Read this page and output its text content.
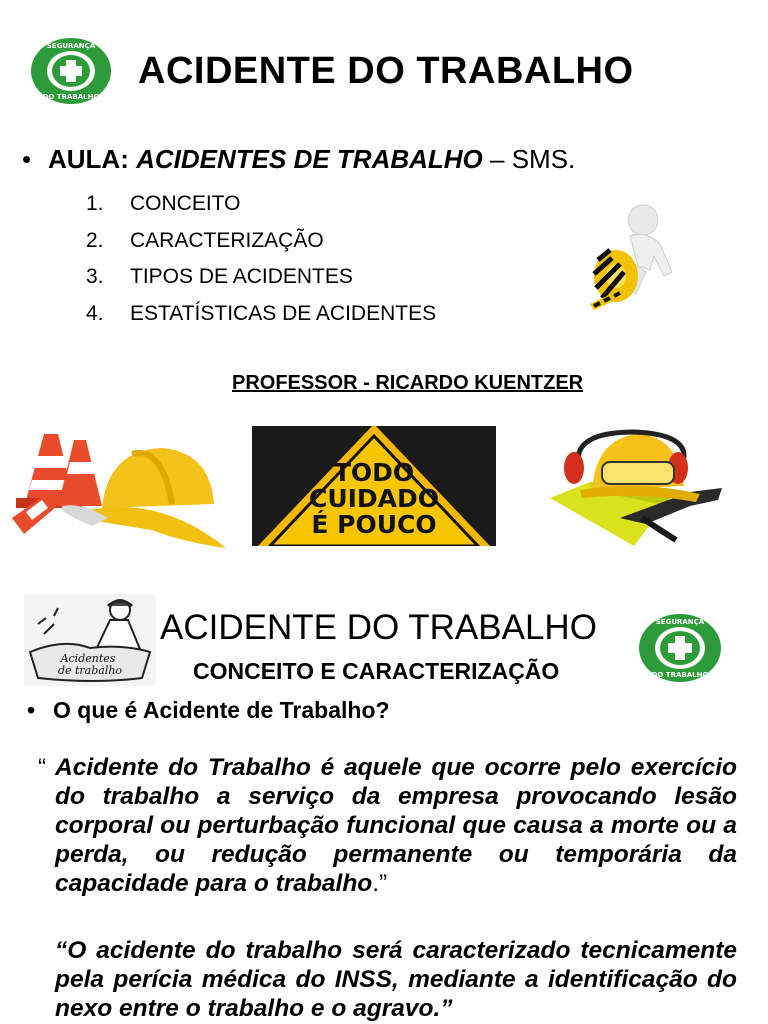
SEGURANÇA
DO TRABALHO
ACIDENTE DO TRABALHO
• AULA: ACIDENTES DE TRABALHO – SMS.
1. CONCEITO
2. CARACTERIZAÇÃO
3. TIPOS DE ACIDENTES
4. ESTATÍSTICAS DE ACIDENTES
PROFESSOR - RICARDO KUENTZER
TODO
CUIDADO
É POUCO
Acidentes
de trabalho
ACIDENTE DO TRABALHO
CONCEITO E CARACTERIZAÇÃO
SEGURANÇA
DO TRABALHO
• O que é Acidente de Trabalho?
“ Acidente do Trabalho é aquele que ocorre pelo exercício do trabalho a serviço da empresa provocando lesão corporal ou perturbação funcional que causa a morte ou a perda, ou redução permanente ou temporária da capacidade para o trabalho.”
“O acidente do trabalho será caracterizado tecnicamente pela perícia médica do INSS, mediante a identificação do nexo entre o trabalho e o agravo.”
